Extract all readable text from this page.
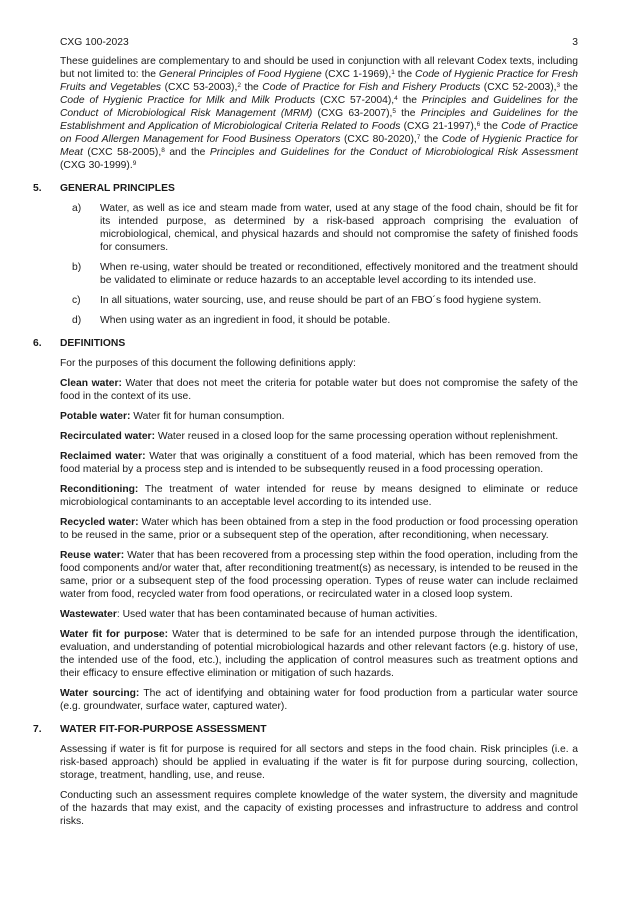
CXG 100-2023	3

These guidelines are complementary to and should be used in conjunction with all relevant Codex texts, including but not limited to: the General Principles of Food Hygiene (CXC 1-1969),$^1$ the Code of Hygienic Practice for Fresh Fruits and Vegetables (CXC 53-2003),$^2$ the Code of Practice for Fish and Fishery Products (CXC 52-2003),$^3$ the Code of Hygienic Practice for Milk and Milk Products (CXC 57-2004),$^4$ the Principles and Guidelines for the Conduct of Microbiological Risk Management (MRM) (CXG 63-2007),$^5$ the Principles and Guidelines for the Establishment and Application of Microbiological Criteria Related to Foods (CXG 21-1997),$^6$ the Code of Practice on Food Allergen Management for Food Business Operators (CXC 80-2020),$^7$ the Code of Hygienic Practice for Meat (CXC 58-2005),$^8$ and the Principles and Guidelines for the Conduct of Microbiological Risk Assessment (CXG 30-1999).$^9$

5. GENERAL PRINCIPLES
a) Water, as well as ice and steam made from water, used at any stage of the food chain, should be fit for its intended purpose, as determined by a risk-based approach comprising the evaluation of microbiological, chemical, and physical hazards and should not compromise the safety of finished foods for consumers.
b) When re-using, water should be treated or reconditioned, effectively monitored and the treatment should be validated to eliminate or reduce hazards to an acceptable level according to its intended use.
c) In all situations, water sourcing, use, and reuse should be part of an FBO´s food hygiene system.
d) When using water as an ingredient in food, it should be potable.
6. DEFINITIONS

For the purposes of this document the following definitions apply:

Clean water: Water that does not meet the criteria for potable water but does not compromise the safety of the food in the context of its use.

Potable water: Water fit for human consumption.

Recirculated water: Water reused in a closed loop for the same processing operation without replenishment.

Reclaimed water: Water that was originally a constituent of a food material, which has been removed from the food material by a process step and is intended to be subsequently reused in a food processing operation.

Reconditioning: The treatment of water intended for reuse by means designed to eliminate or reduce microbiological contaminants to an acceptable level according to its intended use.

Recycled water: Water which has been obtained from a step in the food production or food processing operation to be reused in the same, prior or a subsequent step of the operation, after reconditioning, when necessary.

Reuse water: Water that has been recovered from a processing step within the food operation, including from the food components and/or water that, after reconditioning treatment(s) as necessary, is intended to be reused in the same, prior or a subsequent step of the food processing operation. Types of reuse water can include reclaimed water from food, recycled water from food operations, or recirculated water in a closed loop system.

Wastewater: Used water that has been contaminated because of human activities.

Water fit for purpose: Water that is determined to be safe for an intended purpose through the identification, evaluation, and understanding of potential microbiological hazards and other relevant factors (e.g. history of use, the intended use of the food, etc.), including the application of control measures such as treatment options and their efficacy to ensure effective elimination or mitigation of such hazards.

Water sourcing: The act of identifying and obtaining water for food production from a particular water source (e.g. groundwater, surface water, captured water).

7. WATER FIT-FOR-PURPOSE ASSESSMENT

Assessing if water is fit for purpose is required for all sectors and steps in the food chain. Risk principles (i.e. a risk-based approach) should be applied in evaluating if the water is fit for purpose during sourcing, collection, storage, treatment, handling, use, and reuse.

Conducting such an assessment requires complete knowledge of the water system, the diversity and magnitude of the hazards that may exist, and the capacity of existing processes and infrastructure to address and control risks.
